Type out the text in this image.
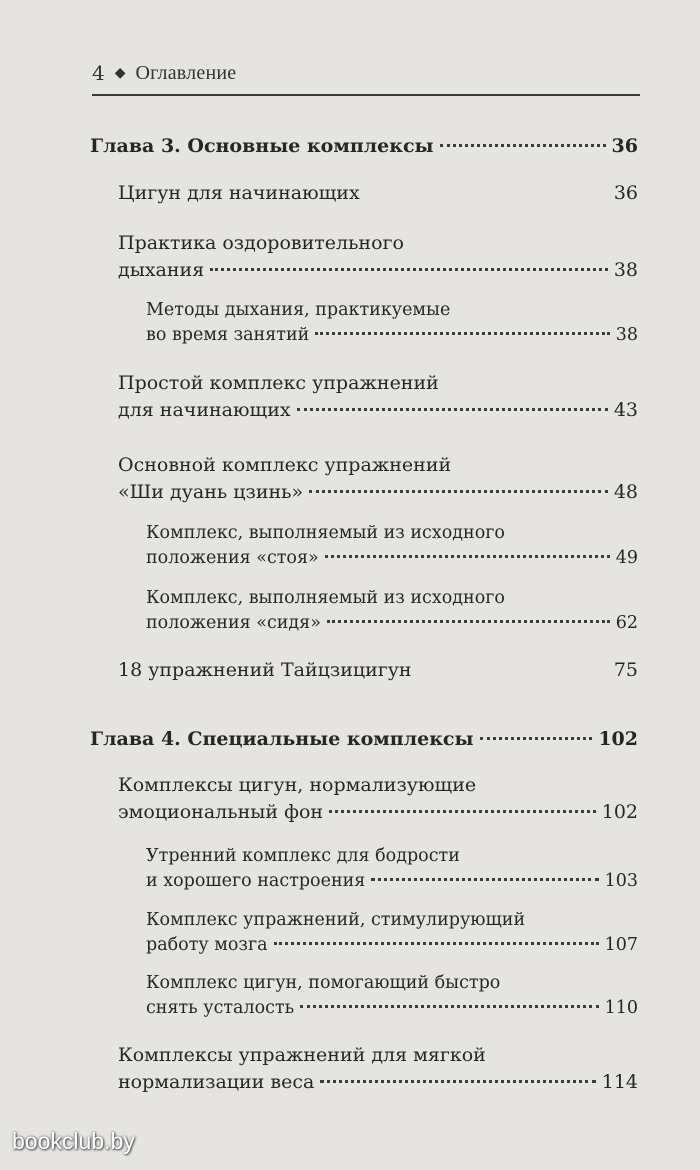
4 ◆ Оглавление
Глава 3. Основные комплексы	36
Цигун для начинающих	36
Практика оздоровительного
дыхания	38
Методы дыхания, практикуемые
во время занятий	38
Простой комплекс упражнений
для начинающих	43
Основной комплекс упражнений
«Ши дуань цзинь»	48
Комплекс, выполняемый из исходного
положения «стоя»	49
Комплекс, выполняемый из исходного
положения «сидя»	62
18 упражнений Тайцзицигун	75
Глава 4. Специальные комплексы	102
Комплексы цигун, нормализующие
эмоциональный фон	102
Утренний комплекс для бодрости
и хорошего настроения	103
Комплекс упражнений, стимулирующий
работу мозга	107
Комплекс цигун, помогающий быстро
снять усталость	110
Комплексы упражнений для мягкой
нормализации веса	114
bookclub.by
